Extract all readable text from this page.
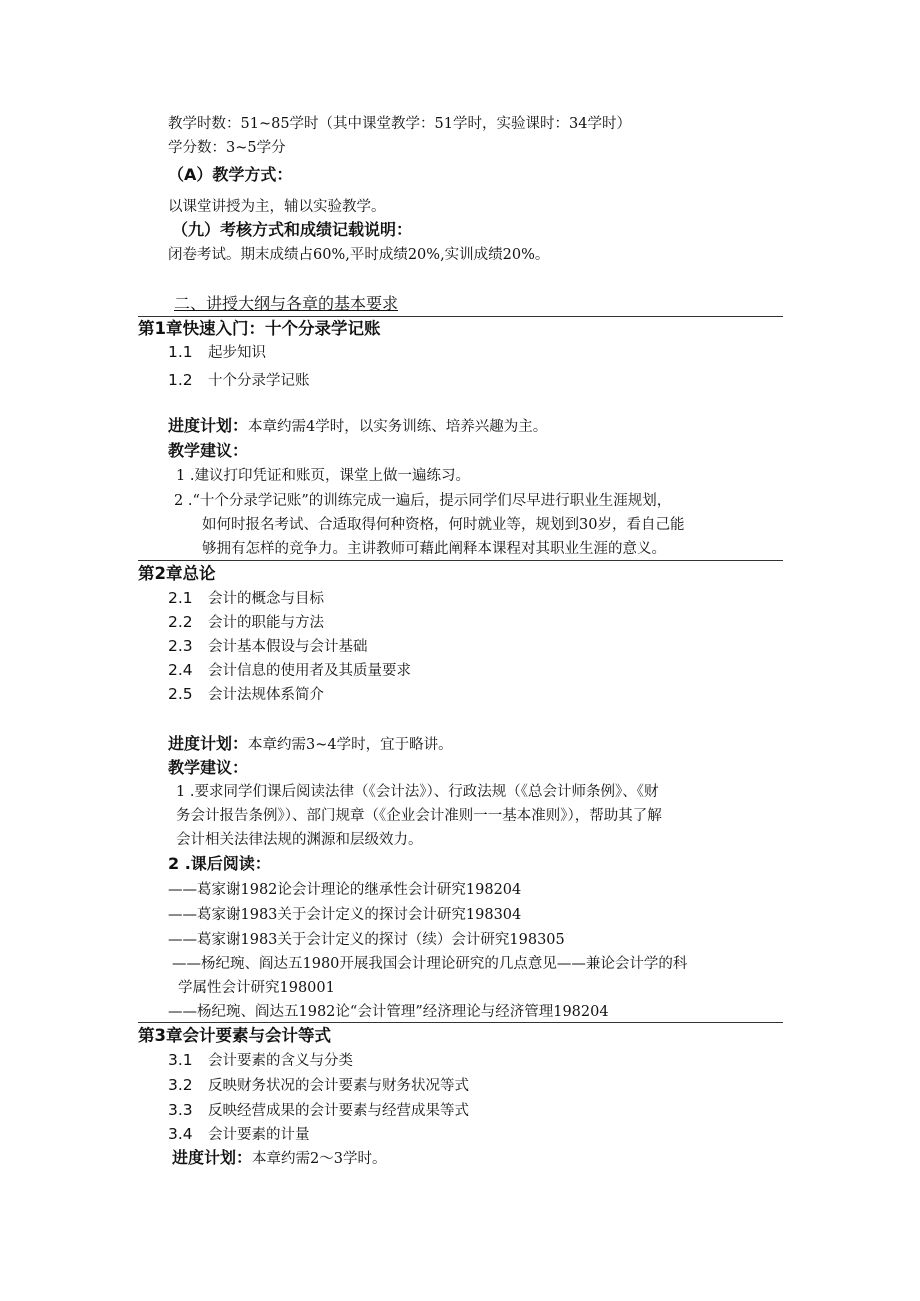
教学时数：51~85学时（其中课堂教学：51学时，实验课时：34学时）
学分数：3~5学分
（A）教学方式：
以课堂讲授为主，辅以实验教学。
（九）考核方式和成绩记载说明：
闭卷考试。期末成绩占60%,平时成绩20%,实训成绩20%。
二、讲授大纲与各章的基本要求
第1章快速入门：十个分录学记账
1.1 起步知识
1.2 十个分录学记账
进度计划：本章约需4学时，以实务训练、培养兴趣为主。
教学建议：
1 .建议打印凭证和账页，课堂上做一遍练习。
2 .“十个分录学记账”的训练完成一遍后，提示同学们尽早进行职业生涯规划，
如何时报名考试、合适取得何种资格，何时就业等，规划到30岁，看自己能
够拥有怎样的竞争力。主讲教师可藉此阐释本课程对其职业生涯的意义。
第2章总论
2.1 会计的概念与目标
2.2 会计的职能与方法
2.3 会计基本假设与会计基础
2.4 会计信息的使用者及其质量要求
2.5 会计法规体系简介
进度计划：本章约需3~4学时，宜于略讲。
教学建议：
1 .要求同学们课后阅读法律（《会计法》）、行政法规（《总会计师条例》、《财
务会计报告条例》）、部门规章（《企业会计准则一一基本准则》），帮助其了解
会计相关法律法规的渊源和层级效力。
2 .课后阅读：
——葛家谢1982论会计理论的继承性会计研究198204
——葛家谢1983关于会计定义的探讨会计研究198304
——葛家谢1983关于会计定义的探讨（续）会计研究198305
——杨纪琬、阎达五1980开展我国会计理论研究的几点意见——兼论会计学的科
学属性会计研究198001
——杨纪琬、阎达五1982论“会计管理”经济理论与经济管理198204
第3章会计要素与会计等式
3.1 会计要素的含义与分类
3.2 反映财务状况的会计要素与财务状况等式
3.3 反映经营成果的会计要素与经营成果等式
3.4 会计要素的计量
进度计划：本章约需2～3学时。
